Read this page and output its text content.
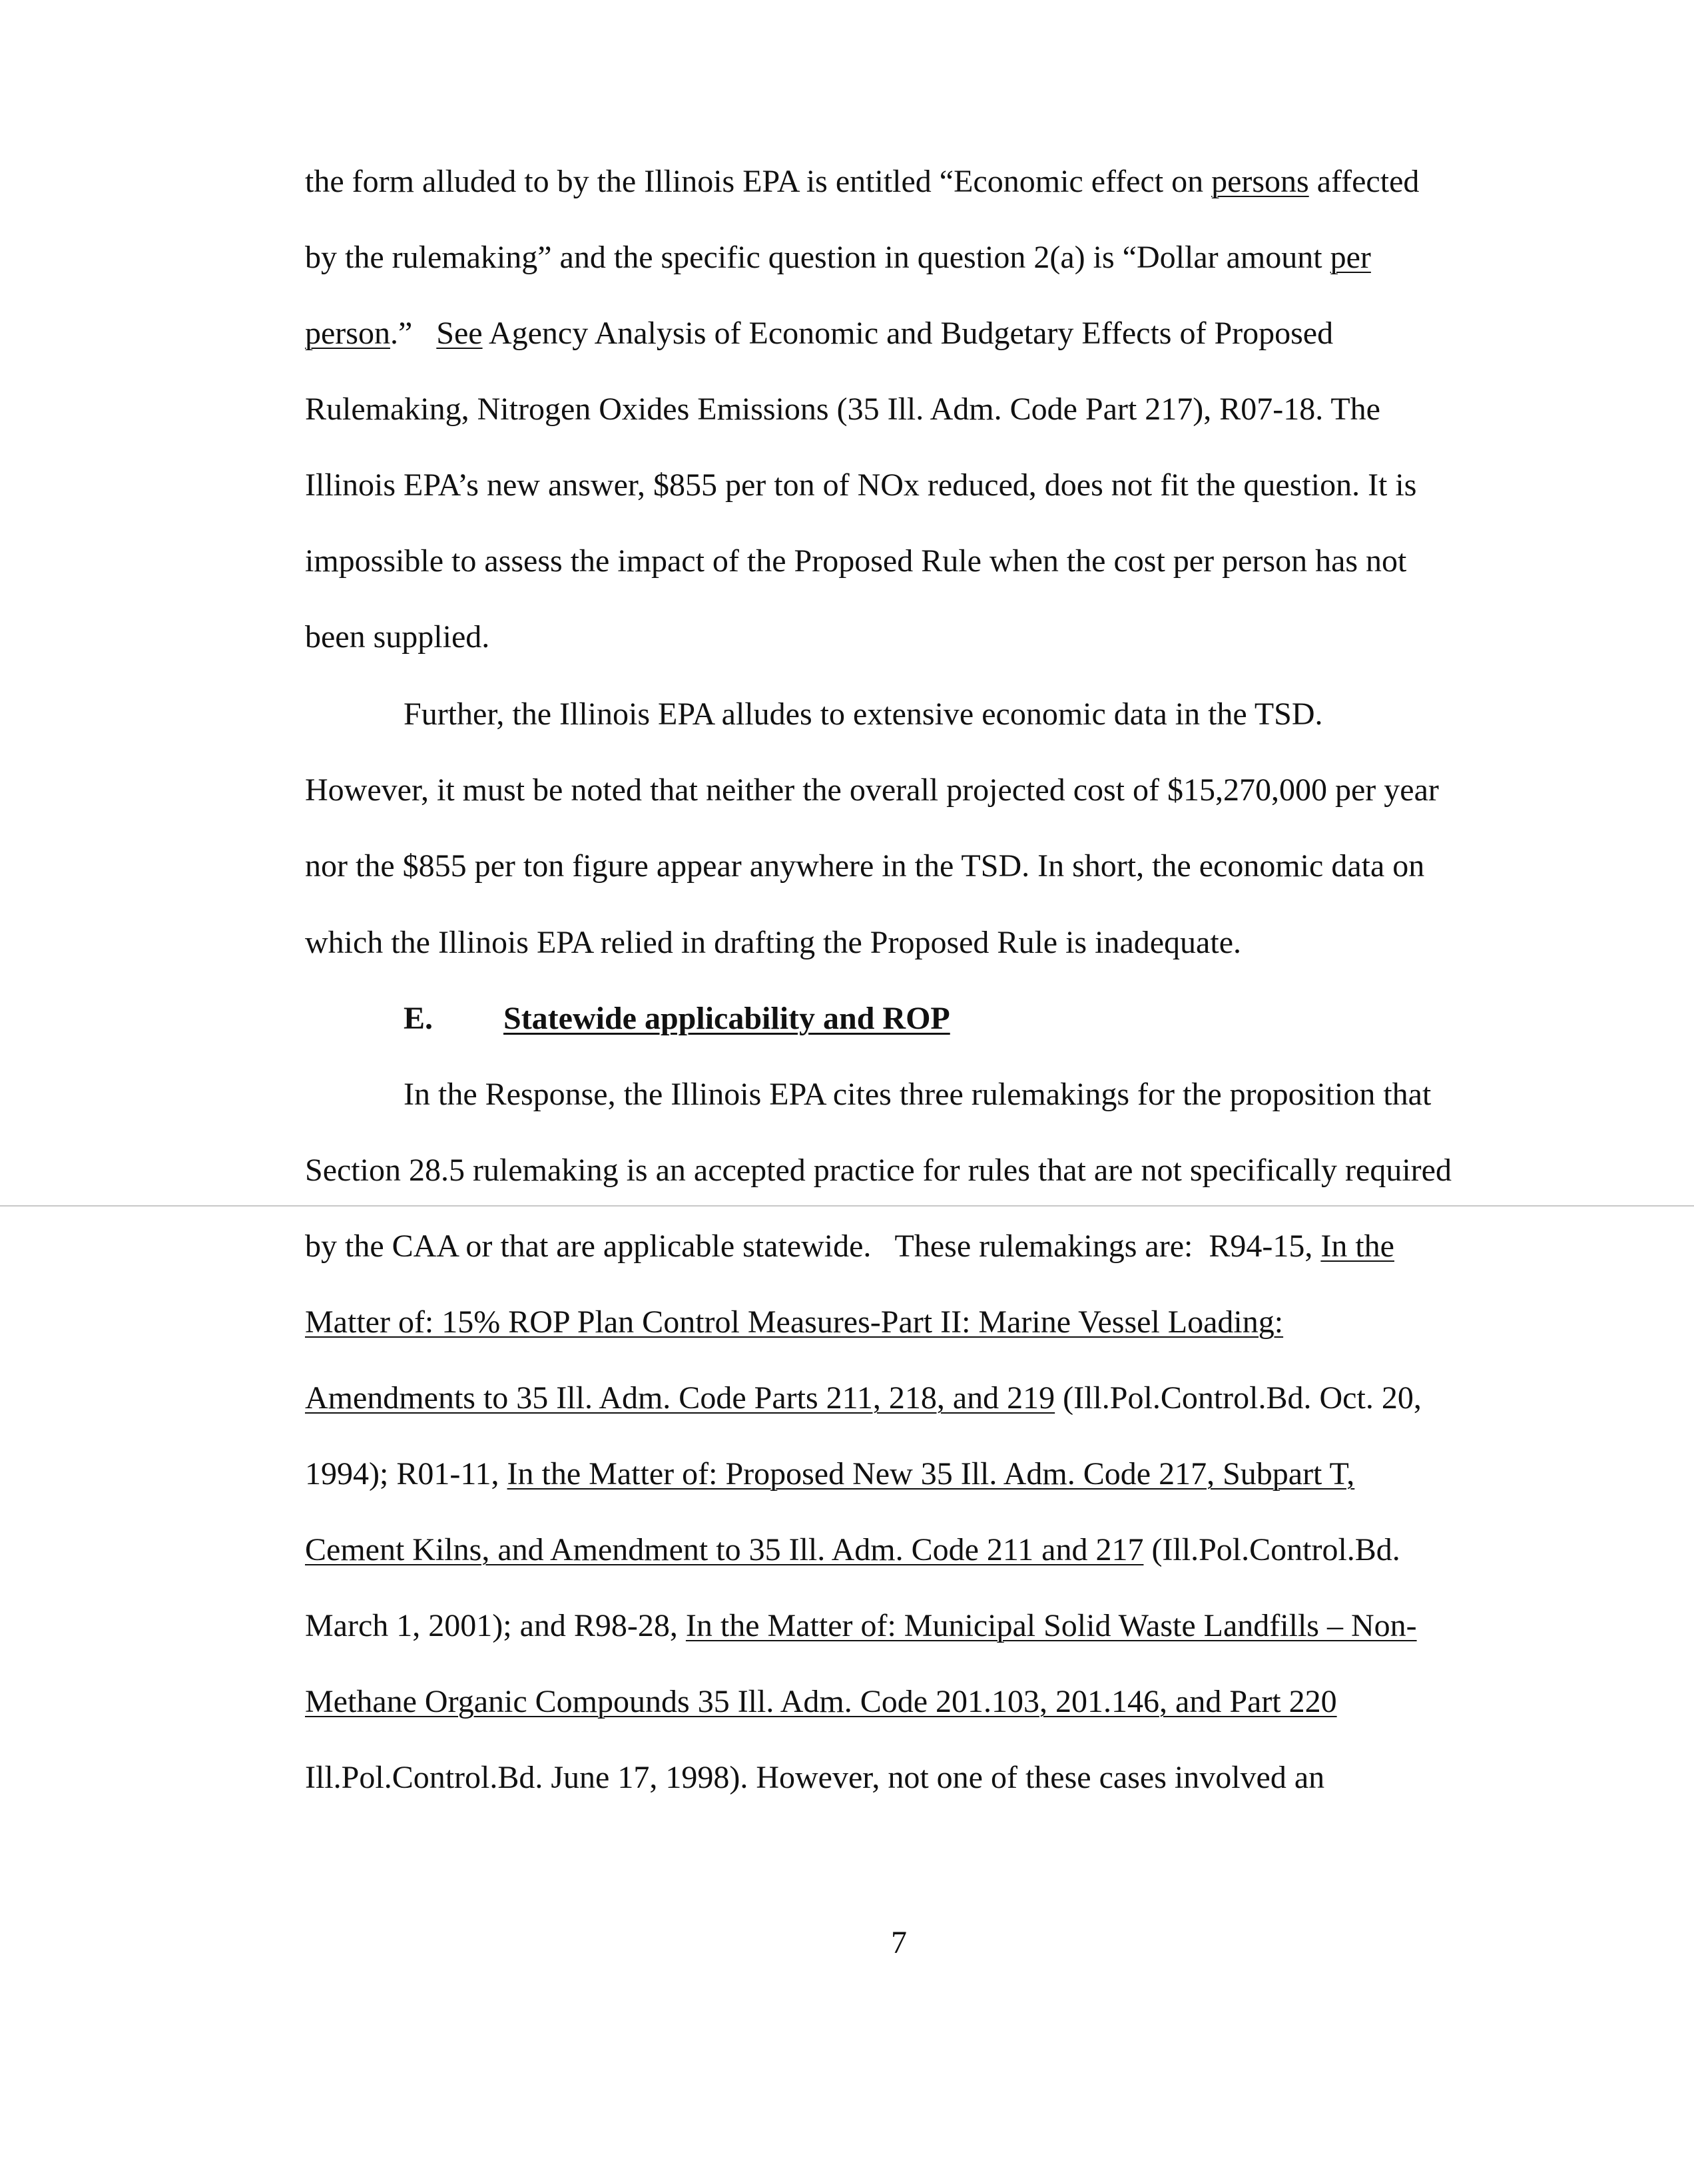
the form alluded to by the Illinois EPA is entitled “Economic effect on persons affected
by the rulemaking” and the specific question in question 2(a) is “Dollar amount per
person.”   See Agency Analysis of Economic and Budgetary Effects of Proposed
Rulemaking, Nitrogen Oxides Emissions (35 Ill. Adm. Code Part 217), R07-18. The
Illinois EPA’s new answer, $855 per ton of NOx reduced, does not fit the question. It is
impossible to assess the impact of the Proposed Rule when the cost per person has not
been supplied.
Further, the Illinois EPA alludes to extensive economic data in the TSD.
However, it must be noted that neither the overall projected cost of $15,270,000 per year
nor the $855 per ton figure appear anywhere in the TSD. In short, the economic data on
which the Illinois EPA relied in drafting the Proposed Rule is inadequate.
E. Statewide applicability and ROP
In the Response, the Illinois EPA cites three rulemakings for the proposition that
Section 28.5 rulemaking is an accepted practice for rules that are not specifically required
by the CAA or that are applicable statewide.   These rulemakings are:  R94-15, In the
Matter of: 15% ROP Plan Control Measures-Part II: Marine Vessel Loading:
Amendments to 35 Ill. Adm. Code Parts 211, 218, and 219 (Ill.Pol.Control.Bd. Oct. 20,
1994); R01-11, In the Matter of: Proposed New 35 Ill. Adm. Code 217, Subpart T,
Cement Kilns, and Amendment to 35 Ill. Adm. Code 211 and 217 (Ill.Pol.Control.Bd.
March 1, 2001); and R98-28, In the Matter of: Municipal Solid Waste Landfills – Non-
Methane Organic Compounds 35 Ill. Adm. Code 201.103, 201.146, and Part 220
Ill.Pol.Control.Bd. June 17, 1998). However, not one of these cases involved an
7
